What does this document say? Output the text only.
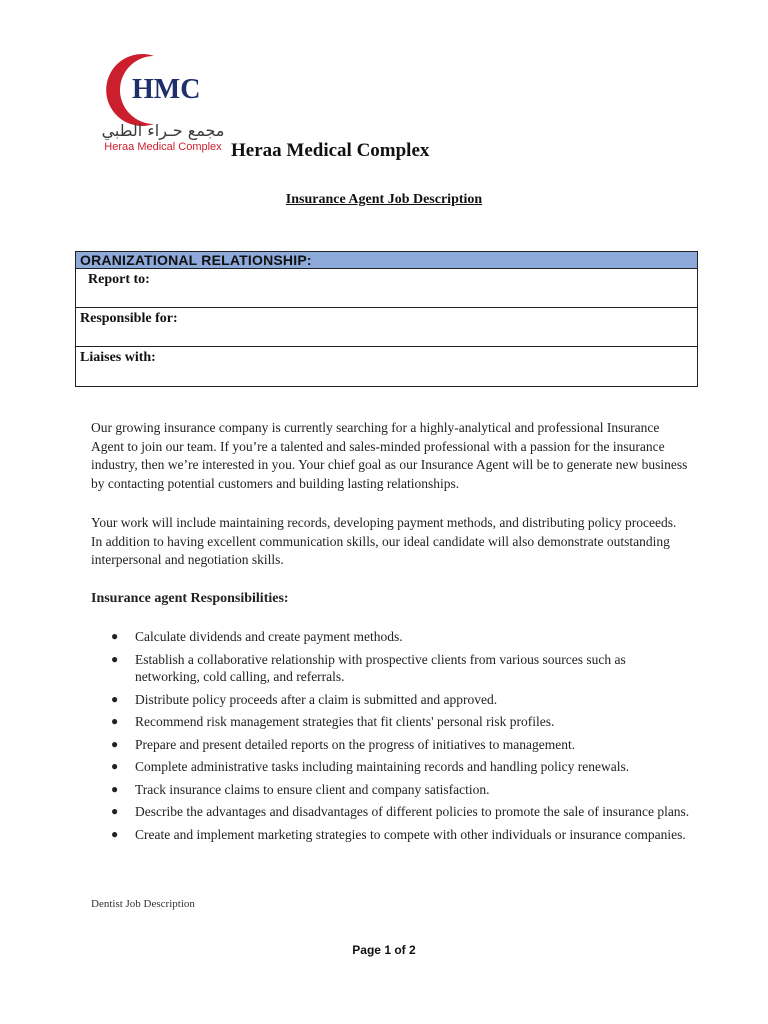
HMC
مجمع حـراء الطبي
Heraa Medical Complex Heraa Medical Complex
Insurance Agent Job Description
ORANIZATIONAL RELATIONSHIP:
Report to:
Responsible for:
Liaises with:
Our growing insurance company is currently searching for a highly-analytical and professional Insurance Agent to join our team. If you’re a talented and sales-minded professional with a passion for the insurance industry, then we’re interested in you. Your chief goal as our Insurance Agent will be to generate new business by contacting potential customers and building lasting relationships.
Your work will include maintaining records, developing payment methods, and distributing policy proceeds. In addition to having excellent communication skills, our ideal candidate will also demonstrate outstanding interpersonal and negotiation skills.
Insurance agent Responsibilities:
● Calculate dividends and create payment methods.
● Establish a collaborative relationship with prospective clients from various sources such as networking, cold calling, and referrals.
● Distribute policy proceeds after a claim is submitted and approved.
● Recommend risk management strategies that fit clients' personal risk profiles.
● Prepare and present detailed reports on the progress of initiatives to management.
● Complete administrative tasks including maintaining records and handling policy renewals.
● Track insurance claims to ensure client and company satisfaction.
● Describe the advantages and disadvantages of different policies to promote the sale of insurance plans.
● Create and implement marketing strategies to compete with other individuals or insurance companies.
Dentist Job Description
Page 1 of 2
